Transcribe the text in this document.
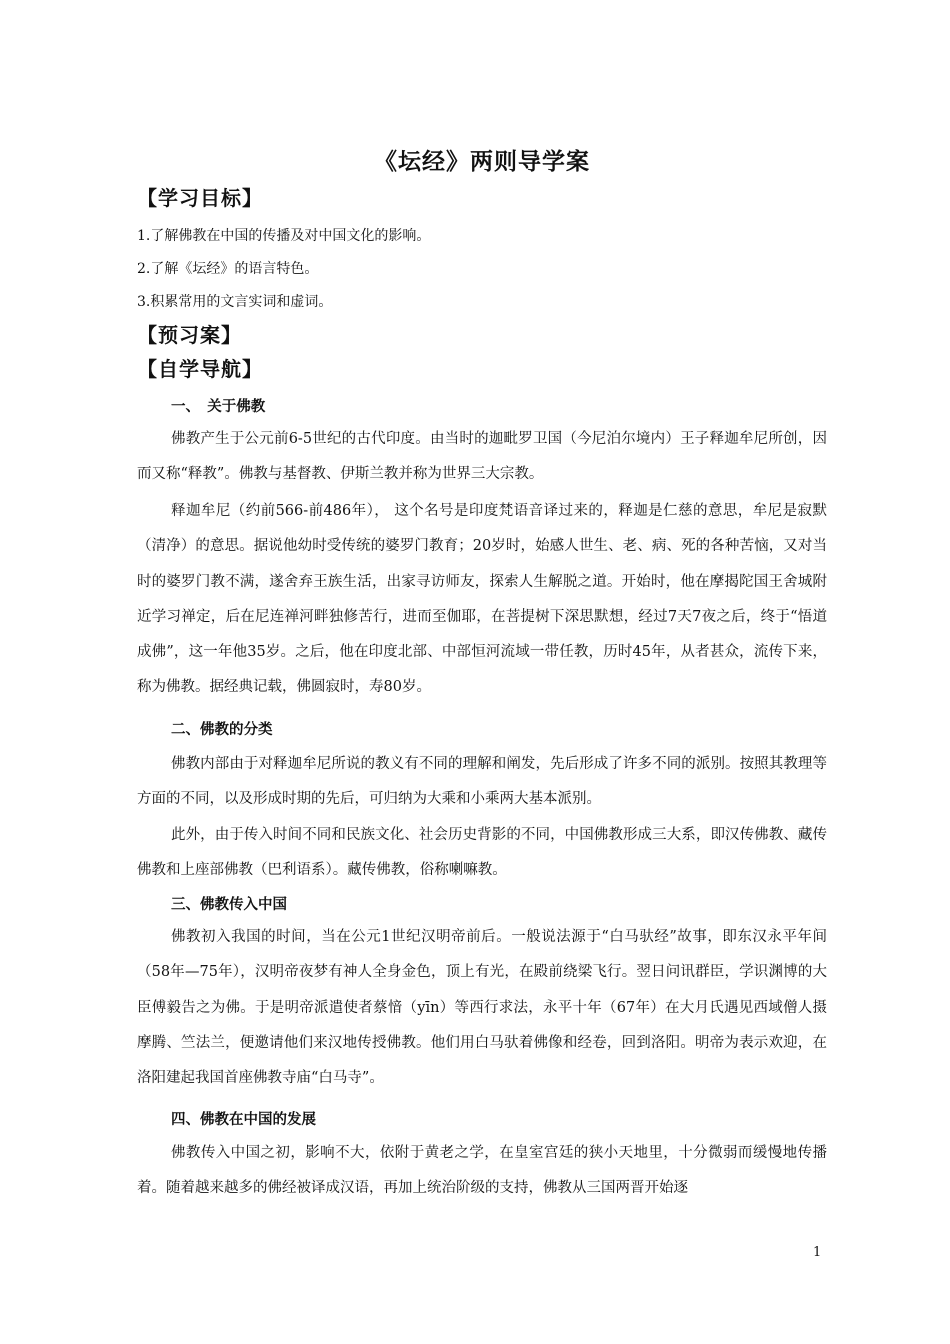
《坛经》两则导学案
【学习目标】
1.了解佛教在中国的传播及对中国文化的影响。
2.了解《坛经》的语言特色。
3.积累常用的文言实词和虚词。
【预习案】
【自学导航】
一、　关于佛教

佛教产生于公元前6-5世纪的古代印度。由当时的迦毗罗卫国（今尼泊尔境内）王子释迦牟尼所创，因而又称“释教”。佛教与基督教、伊斯兰教并称为世界三大宗教。

释迦牟尼（约前566-前486年）， 这个名号是印度梵语音译过来的，释迦是仁慈的意思，牟尼是寂默（清净）的意思。据说他幼时受传统的婆罗门教育；20岁时，始感人世生、老、病、死的各种苦恼，又对当时的婆罗门教不满，遂舍弃王族生活，出家寻访师友，探索人生解脱之道。开始时，他在摩揭陀国王舍城附近学习禅定，后在尼连禅河畔独修苦行，进而至伽耶，在菩提树下深思默想，经过7天7夜之后，终于“悟道成佛”，这一年他35岁。之后，他在印度北部、中部恒河流域一带任教，历时45年，从者甚众，流传下来，称为佛教。据经典记载，佛圆寂时，寿80岁。

二、佛教的分类

佛教内部由于对释迦牟尼所说的教义有不同的理解和阐发，先后形成了许多不同的派别。按照其教理等方面的不同，以及形成时期的先后，可归纳为大乘和小乘两大基本派别。

此外，由于传入时间不同和民族文化、社会历史背影的不同，中国佛教形成三大系，即汉传佛教、藏传佛教和上座部佛教（巴利语系）。藏传佛教，俗称喇嘛教。

三、佛教传入中国

佛教初入我国的时间，当在公元1世纪汉明帝前后。一般说法源于“白马驮经”故事，即东汉永平年间（58年—75年），汉明帝夜梦有神人全身金色，顶上有光，在殿前绕梁飞行。翌日问讯群臣，学识渊博的大臣傅毅告之为佛。于是明帝派遣使者蔡愔（yīn）等西行求法，永平十年（67年）在大月氏遇见西域僧人摄摩腾、竺法兰，便邀请他们来汉地传授佛教。他们用白马驮着佛像和经卷，回到洛阳。明帝为表示欢迎，在洛阳建起我国首座佛教寺庙“白马寺”。

四、佛教在中国的发展

佛教传入中国之初，影响不大，依附于黄老之学，在皇室宫廷的狭小天地里，十分微弱而缓慢地传播着。随着越来越多的佛经被译成汉语，再加上统治阶级的支持，佛教从三国两晋开始逐

1
